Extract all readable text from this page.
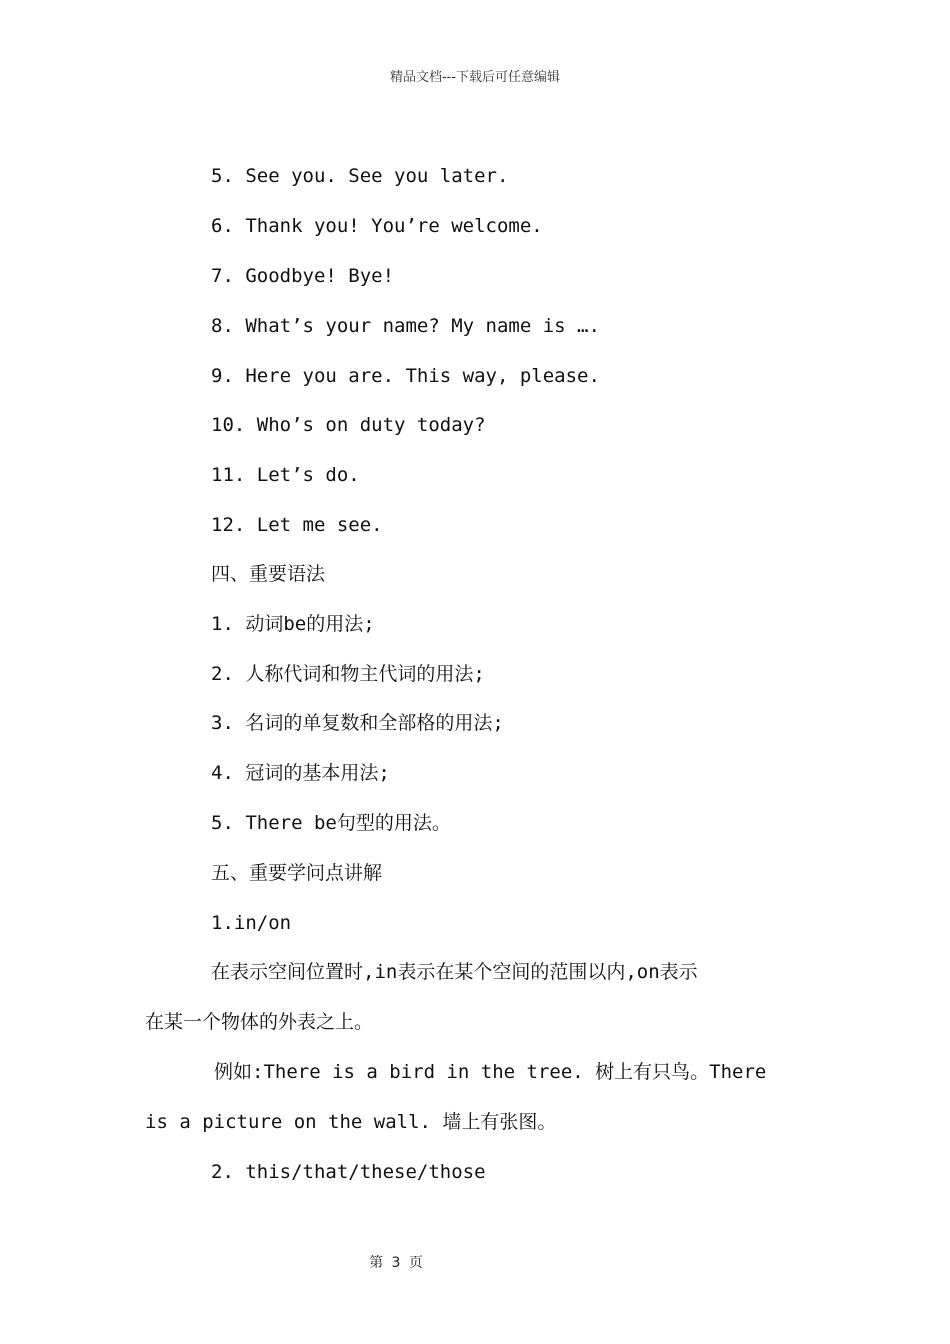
精品文档---下载后可任意编辑
5. See you. See you later.
6. Thank you! You’re welcome.
7. Goodbye! Bye!
8. What’s your name? My name is ….
9. Here you are. This way, please.
10. Who’s on duty today?
11. Let’s do.
12. Let me see.
四、重要语法
1. 动词be的用法;
2. 人称代词和物主代词的用法;
3. 名词的单复数和全部格的用法;
4. 冠词的基本用法;
5. There be句型的用法。
五、重要学问点讲解
1.in/on
在表示空间位置时,in表示在某个空间的范围以内,on表示
在某一个物体的外表之上。
例如:There is a bird in the tree. 树上有只鸟。There
is a picture on the wall. 墙上有张图。
2. this/that/these/those
第 3 页
